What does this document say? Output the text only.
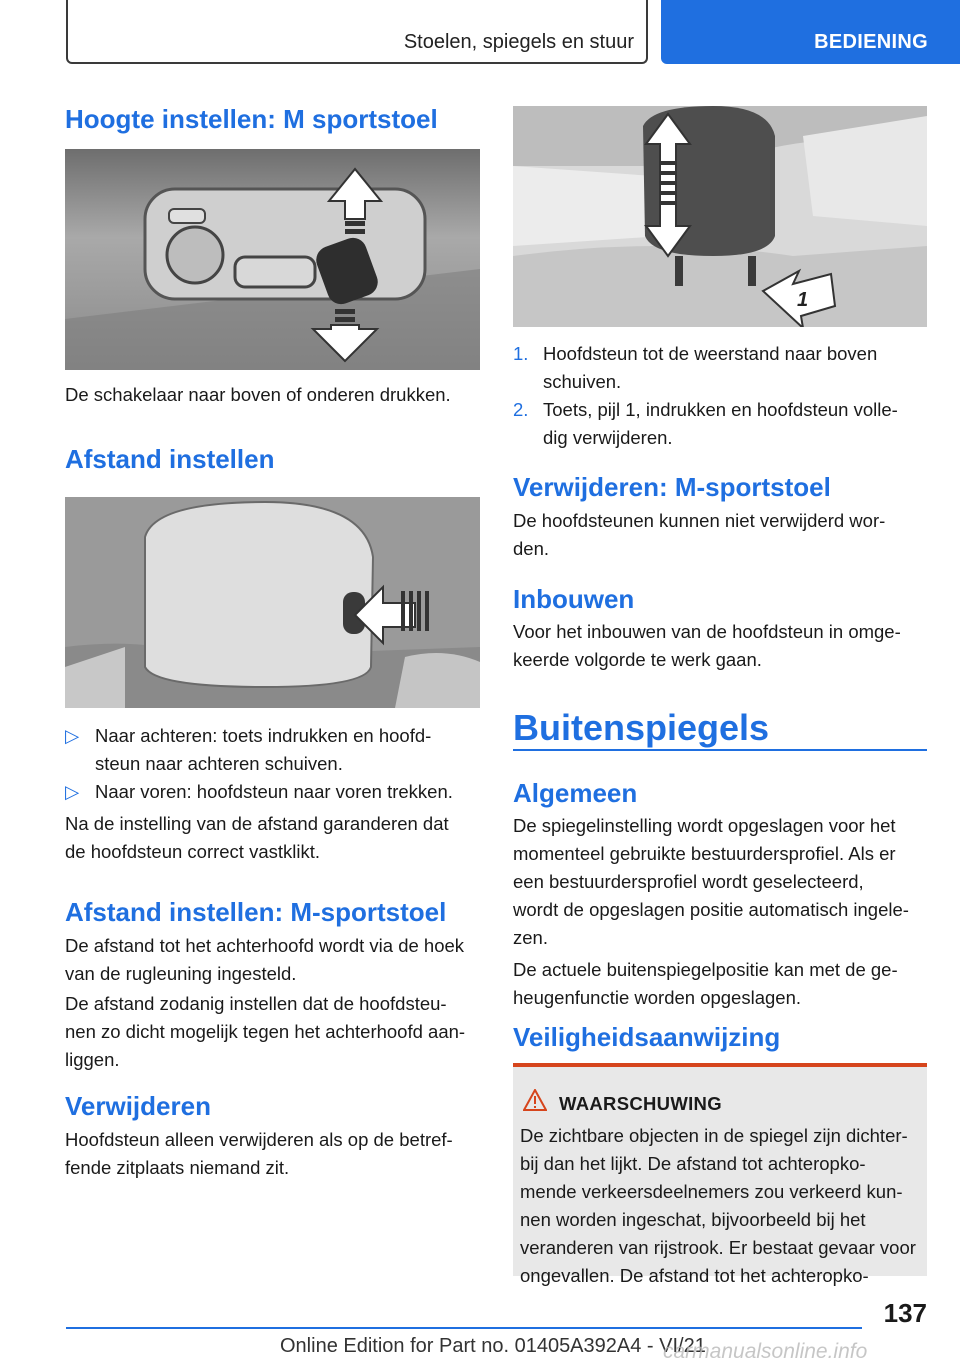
Stoelen, spiegels en stuur	BEDIENING
Hoogte instellen: M sportstoel

De schakelaar naar boven of onderen drukken.

Afstand instellen
▷ Naar achteren: toets indrukken en hoofd-
steun naar achteren schuiven.
▷ Naar voren: hoofdsteun naar voren trekken.

Na de instelling van de afstand garanderen dat

de hoofdsteun correct vastklikt.

Afstand instellen: M-sportstoel

De afstand tot het achterhoofd wordt via de hoek

van de rugleuning ingesteld.

De afstand zodanig instellen dat de hoofdsteu-

nen zo dicht mogelijk tegen het achterhoofd aan-

liggen.

Verwijderen

Hoofdsteun alleen verwijderen als op de betref-

fende zitplaats niemand zit.

1
1. Hoofdsteun tot de weerstand naar boven
schuiven.
2. Toets, pijl 1, indrukken en hoofdsteun volle-
dig verwijderen.
Verwijderen: M-sportstoel

De hoofdsteunen kunnen niet verwijderd wor-

den.

Inbouwen

Voor het inbouwen van de hoofdsteun in omge-

keerde volgorde te werk gaan.

Buitenspiegels
Algemeen

De spiegelinstelling wordt opgeslagen voor het

momenteel gebruikte bestuurdersprofiel. Als er

een bestuurdersprofiel wordt geselecteerd,

wordt de opgeslagen positie automatisch ingele-

zen.

De actuele buitenspiegelpositie kan met de ge-

heugenfunctie worden opgeslagen.

Veiligheidsaanwijzing
WAARSCHUWING
De zichtbare objecten in de spiegel zijn dichter-
bij dan het lijkt. De afstand tot achteropko-
mende verkeersdeelnemers zou verkeerd kun-
nen worden ingeschat, bijvoorbeeld bij het
veranderen van rijstrook. Er bestaat gevaar voor
ongevallen. De afstand tot het achteropko-
137
Online Edition for Part no. 01405A392A4 - VI/21
carmanualsonline.info
